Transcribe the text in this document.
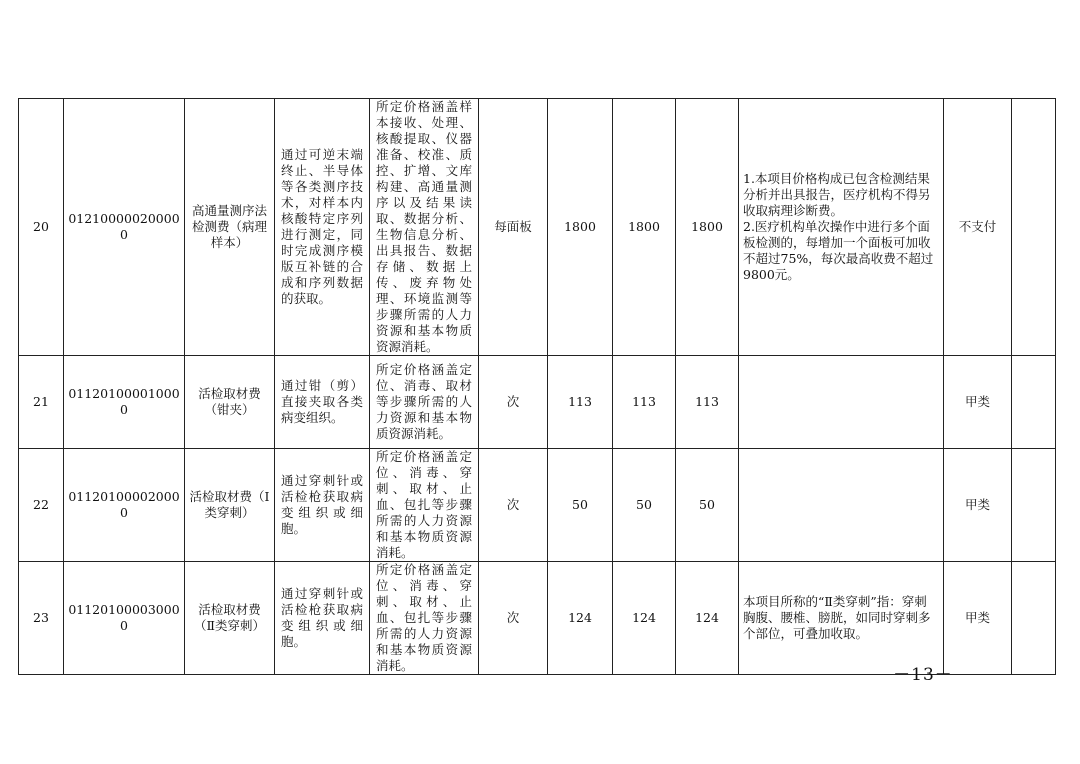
20	012100000200000	高通量测序法检测费（病理样本）	通过可逆末端终止、半导体等各类测序技术，对样本内核酸特定序列进行测定，同时完成测序模版互补链的合成和序列数据的获取。	所定价格涵盖样本接收、处理、核酸提取、仪器准备、校准、质控、扩增、文库构建、高通量测序以及结果读取、数据分析、生物信息分析、出具报告、数据存储、数据上传、废弃物处理、环境监测等步骤所需的人力资源和基本物质资源消耗。	每面板	1800	1800	1800	1.本项目价格构成已包含检测结果分析并出具报告，医疗机构不得另收取病理诊断费。
2.医疗机构单次操作中进行多个面板检测的，每增加一个面板可加收不超过75%，每次最高收费不超过9800元。	不支付	
21	011201000010000	活检取材费（钳夹）	通过钳（剪）直接夹取各类病变组织。	所定价格涵盖定位、消毒、取材等步骤所需的人力资源和基本物质资源消耗。	次	113	113	113		甲类	
22	011201000020000	活检取材费（Ⅰ类穿刺）	通过穿刺针或活检枪获取病变组织或细胞。	所定价格涵盖定位、消毒、穿刺、取材、止血、包扎等步骤所需的人力资源和基本物质资源消耗。	次	50	50	50		甲类	
23	011201000030000	活检取材费（Ⅱ类穿刺）	通过穿刺针或活检枪获取病变组织或细胞。	所定价格涵盖定位、消毒、穿刺、取材、止血、包扎等步骤所需的人力资源和基本物质资源消耗。	次	124	124	124	本项目所称的“Ⅱ类穿刺”指：穿刺胸腹、腰椎、膀胱，如同时穿刺多个部位，可叠加收取。	甲类	
－13－
